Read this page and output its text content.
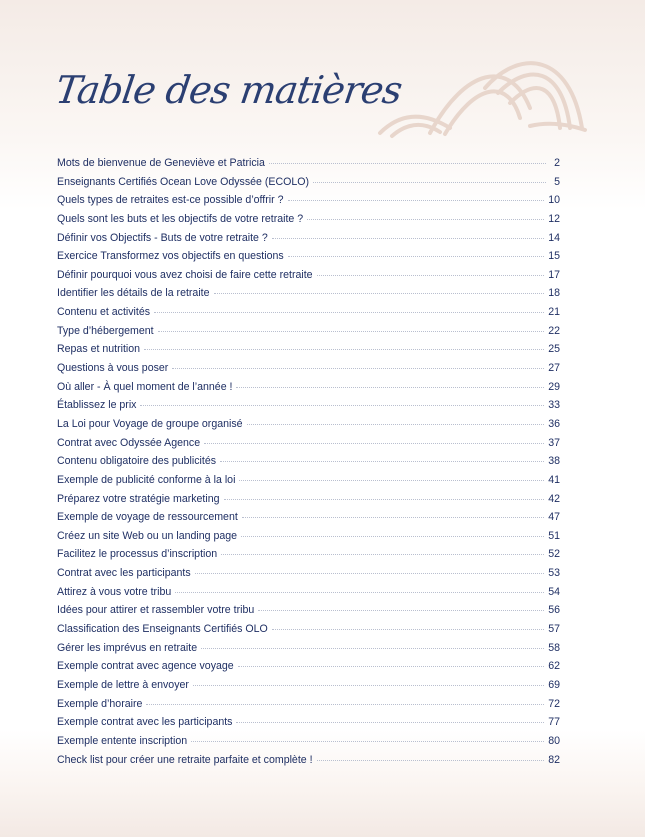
Table des matières
Mots de bienvenue de Geneviève et Patricia	2
Enseignants Certifiés Ocean Love Odyssée (ECOLO)	5
Quels types de retraites est-ce possible d’offrir ?	10
Quels sont les buts et les objectifs de votre retraite ?	12
Définir vos Objectifs - Buts de votre retraite ?	14
Exercice Transformez vos objectifs en questions	15
Définir pourquoi vous avez choisi de faire cette retraite	17
Identifier les détails de la retraite	18
Contenu et activités	21
Type d’hébergement	22
Repas et nutrition	25
Questions à vous poser	27
Où aller - À quel moment de l’année !	29
Établissez le prix	33
La Loi pour Voyage de groupe organisé	36
Contrat avec Odyssée Agence	37
Contenu obligatoire des publicités	38
Exemple de publicité conforme à la loi	41
Préparez votre stratégie marketing	42
Exemple de voyage de ressourcement	47
Créez un site Web ou un landing page	51
Facilitez le processus d’inscription	52
Contrat avec les participants	53
Attirez à vous votre tribu	54
Idées pour attirer et rassembler votre tribu	56
Classification des Enseignants Certifiés OLO	57
Gérer les imprévus en retraite	58
Exemple contrat avec agence voyage	62
Exemple de lettre à envoyer	69
Exemple d’horaire	72
Exemple contrat avec les participants	77
Exemple entente inscription	80
Check list pour créer une retraite parfaite et complète !	82
